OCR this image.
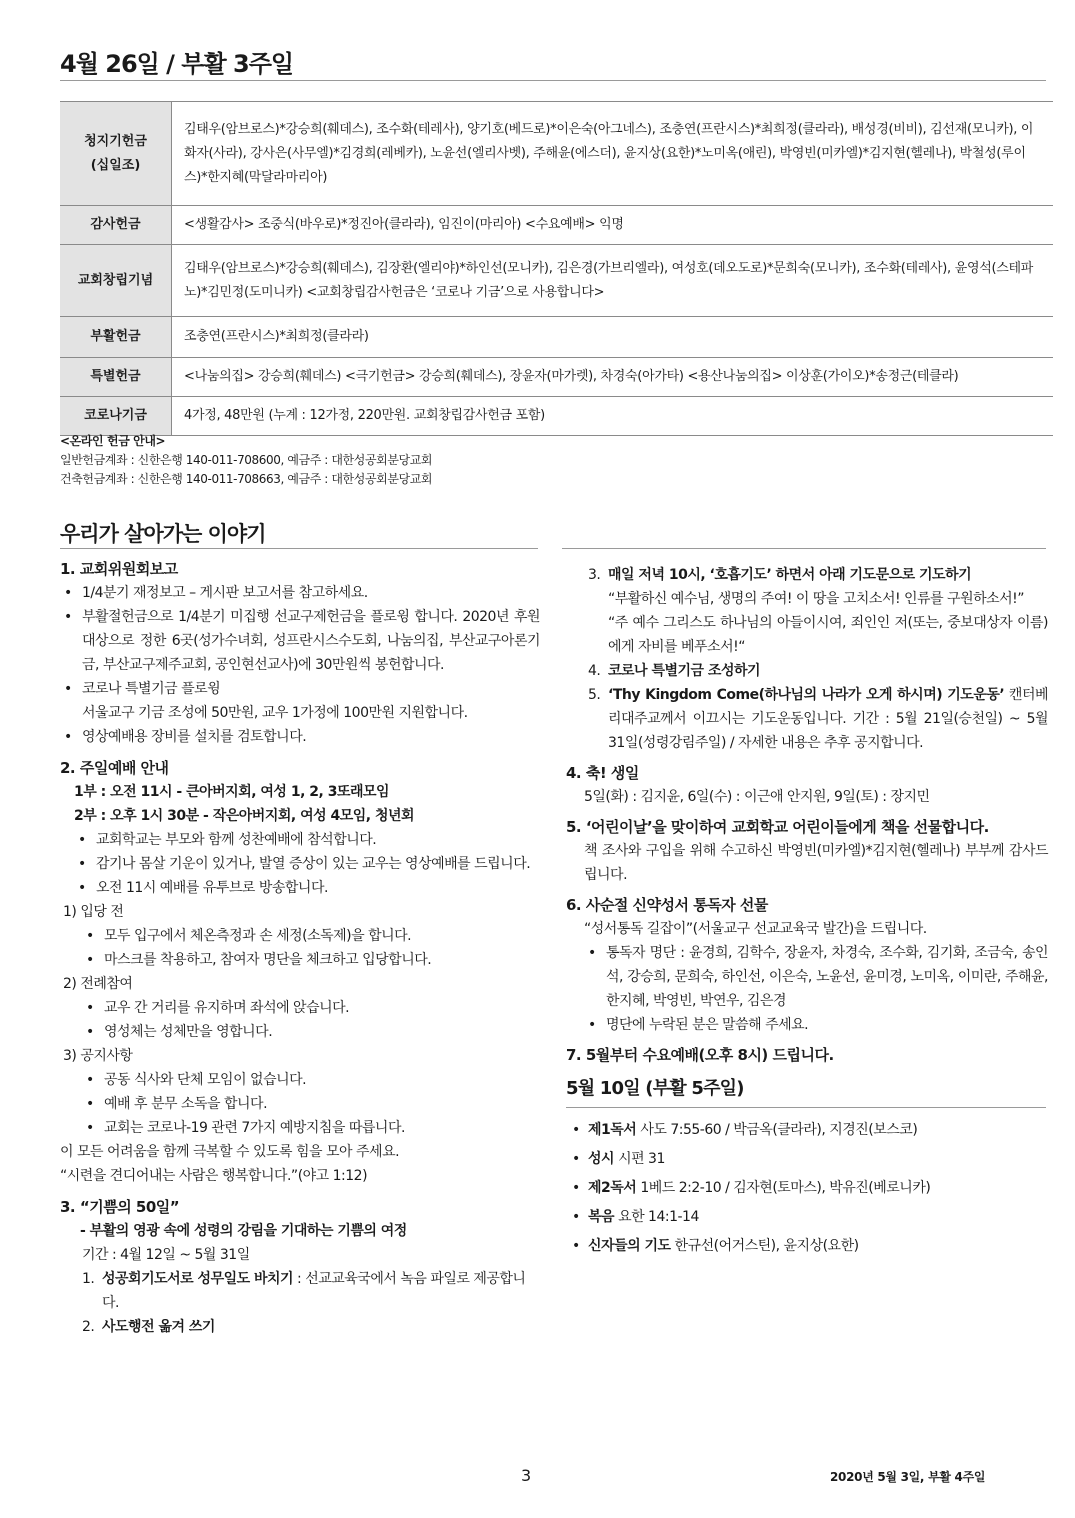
4월 26일 / 부활 3주일
청지기헌금
(십일조)	김태우(암브로스)*강승희(훼데스), 조수화(테레사), 양기호(베드로)*이은숙(아그네스), 조충연(프란시스)*최희정(클라라), 배성경(비비), 김선재(모니카), 이화자(사라), 강사은(사무엘)*김경희(레베카), 노윤선(엘리사벳), 주해윤(에스더), 윤지상(요한)*노미옥(애린), 박영빈(미카엘)*김지현(헬레나), 박철성(루이스)*한지혜(막달라마리아)

감사헌금	<생활감사> 조중식(바우로)*정진아(클라라), 임진이(마리아) <수요예배> 익명

교회창립기념	김태우(암브로스)*강승희(훼데스), 김장환(엘리야)*하인선(모니카), 김은경(가브리엘라), 여성호(데오도로)*문희숙(모니카), 조수화(테레사), 윤영석(스테파노)*김민정(도미니카) <교회창립감사헌금은 ‘코로나 기금’으로 사용합니다>

부활헌금	조충연(프란시스)*최희정(클라라)

특별헌금	<나눔의집> 강승희(훼데스) <극기헌금> 강승희(훼데스), 장윤자(마가렛), 차경숙(아가타) <용산나눔의집> 이상훈(가이오)*송정근(테클라)

코로나기금	4가정, 48만원 (누계 : 12가정, 220만원. 교회창립감사헌금 포함)
<온라인 헌금 안내>
일반헌금계좌 : 신한은행 140-011-708600, 예금주 : 대한성공회분당교회
건축헌금계좌 : 신한은행 140-011-708663, 예금주 : 대한성공회분당교회
우리가 살아가는 이야기
1. 교회위원회보고
• 1/4분기 재정보고 – 게시판 보고서를 참고하세요.
• 부활절헌금으로 1/4분기 미집행 선교구제헌금을 플로윙 합니다. 2020년 후원 대상으로 정한 6곳(성가수녀회, 성프란시스수도회, 나눔의집, 부산교구아론기금, 부산교구제주교회, 공인현선교사)에 30만원씩 봉헌합니다.
• 코로나 특별기금 플로윙
서울교구 기금 조성에 50만원, 교우 1가정에 100만원 지원합니다.
• 영상예배용 장비를 설치를 검토합니다.
2. 주일예배 안내
1부 : 오전 11시 - 큰아버지회, 여성 1, 2, 3또래모임
2부 : 오후 1시 30분 - 작은아버지회, 여성 4모임, 청년회
• 교회학교는 부모와 함께 성찬예배에 참석합니다.
• 감기나 몸살 기운이 있거나, 발열 증상이 있는 교우는 영상예배를 드립니다.
• 오전 11시 예배를 유투브로 방송합니다.
1) 입당 전
• 모두 입구에서 체온측정과 손 세정(소독제)을 합니다.
• 마스크를 착용하고, 참여자 명단을 체크하고 입당합니다.
2) 전례참여
• 교우 간 거리를 유지하며 좌석에 앉습니다.
• 영성체는 성체만을 영합니다.
3) 공지사항
• 공동 식사와 단체 모임이 없습니다.
• 예배 후 분무 소독을 합니다.
• 교회는 코로나-19 관련 7가지 예방지침을 따릅니다.
이 모든 어려움을 함께 극복할 수 있도록 힘을 모아 주세요.
“시련을 견디어내는 사람은 행복합니다.”(야고 1:12)
3. “기쁨의 50일”
- 부활의 영광 속에 성령의 강림을 기대하는 기쁨의 여정
기간 : 4월 12일 ~ 5월 31일
1. 성공회기도서로 성무일도 바치기 : 선교교육국에서 녹음 파일로 제공합니다.
2. 사도행전 옮겨 쓰기
3. 매일 저녁 10시, ‘호흡기도’ 하면서 아래 기도문으로 기도하기
“부활하신 예수님, 생명의 주여! 이 땅을 고치소서! 인류를 구원하소서!”
“주 예수 그리스도 하나님의 아들이시여, 죄인인 저(또는, 중보대상자 이름)에게 자비를 베푸소서!“
4. 코로나 특별기금 조성하기
5. ‘Thy Kingdom Come(하나님의 나라가 오게 하시며) 기도운동’ 캔터베리대주교께서 이끄시는 기도운동입니다. 기간 : 5월 21일(승천일) ~ 5월 31일(성령강림주일) / 자세한 내용은 추후 공지합니다.
4. 축! 생일
5일(화) : 김지윤, 6일(수) : 이근애 안지원, 9일(토) : 장지민
5. ‘어린이날’을 맞이하여 교회학교 어린이들에게 책을 선물합니다.
책 조사와 구입을 위해 수고하신 박영빈(미카엘)*김지현(헬레나) 부부께 감사드립니다.
6. 사순절 신약성서 통독자 선물
“성서통독 길잡이”(서울교구 선교교육국 발간)을 드립니다.
• 통독자 명단 : 윤경희, 김학수, 장윤자, 차경숙, 조수화, 김기화, 조금숙, 송인석, 강승희, 문희숙, 하인선, 이은숙, 노윤선, 윤미경, 노미옥, 이미란, 주해윤, 한지혜, 박영빈, 박연우, 김은경
• 명단에 누락된 분은 말씀해 주세요.
7. 5월부터 수요예배(오후 8시) 드립니다.
5월 10일 (부활 5주일)
• 제1독서 사도 7:55-60 / 박금옥(클라라), 지경진(보스코)
• 성시 시편 31
• 제2독서 1베드 2:2-10 / 김자현(토마스), 박유진(베로니카)
• 복음 요한 14:1-14
• 신자들의 기도 한규선(어거스틴), 윤지상(요한)
3	2020년 5월 3일, 부활 4주일
